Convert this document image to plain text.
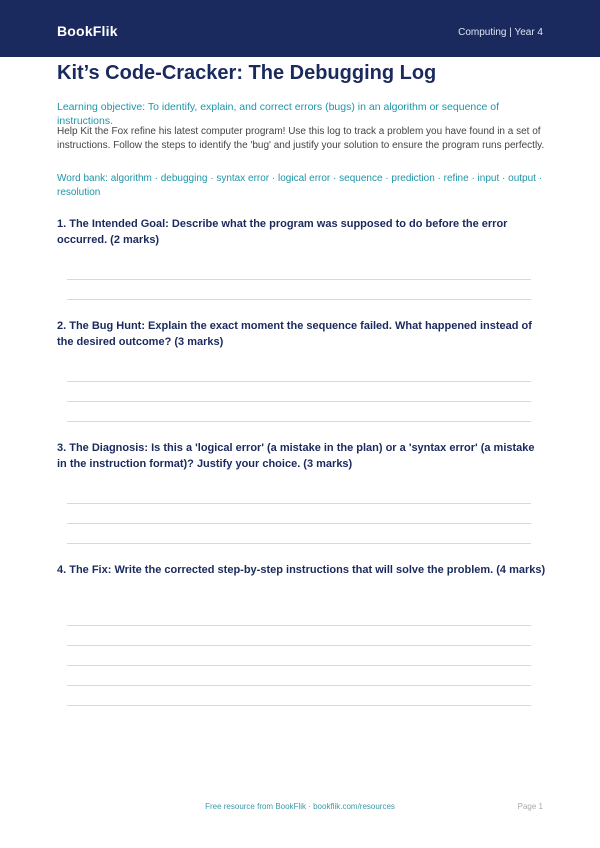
BookFlik	Computing | Year 4
Kit’s Code-Cracker: The Debugging Log
Learning objective: To identify, explain, and correct errors (bugs) in an algorithm or sequence of instructions.
Help Kit the Fox refine his latest computer program! Use this log to track a problem you have found in a set of instructions. Follow the steps to identify the 'bug' and justify your solution to ensure the program runs perfectly.
Word bank: algorithm · debugging · syntax error · logical error · sequence · prediction · refine · input · output · resolution
1. The Intended Goal: Describe what the program was supposed to do before the error occurred. (2 marks)
2. The Bug Hunt: Explain the exact moment the sequence failed. What happened instead of the desired outcome? (3 marks)
3. The Diagnosis: Is this a 'logical error' (a mistake in the plan) or a 'syntax error' (a mistake in the instruction format)? Justify your choice. (3 marks)
4. The Fix: Write the corrected step-by-step instructions that will solve the problem. (4 marks)
Free resource from BookFlik · bookflik.com/resources	Page 1
